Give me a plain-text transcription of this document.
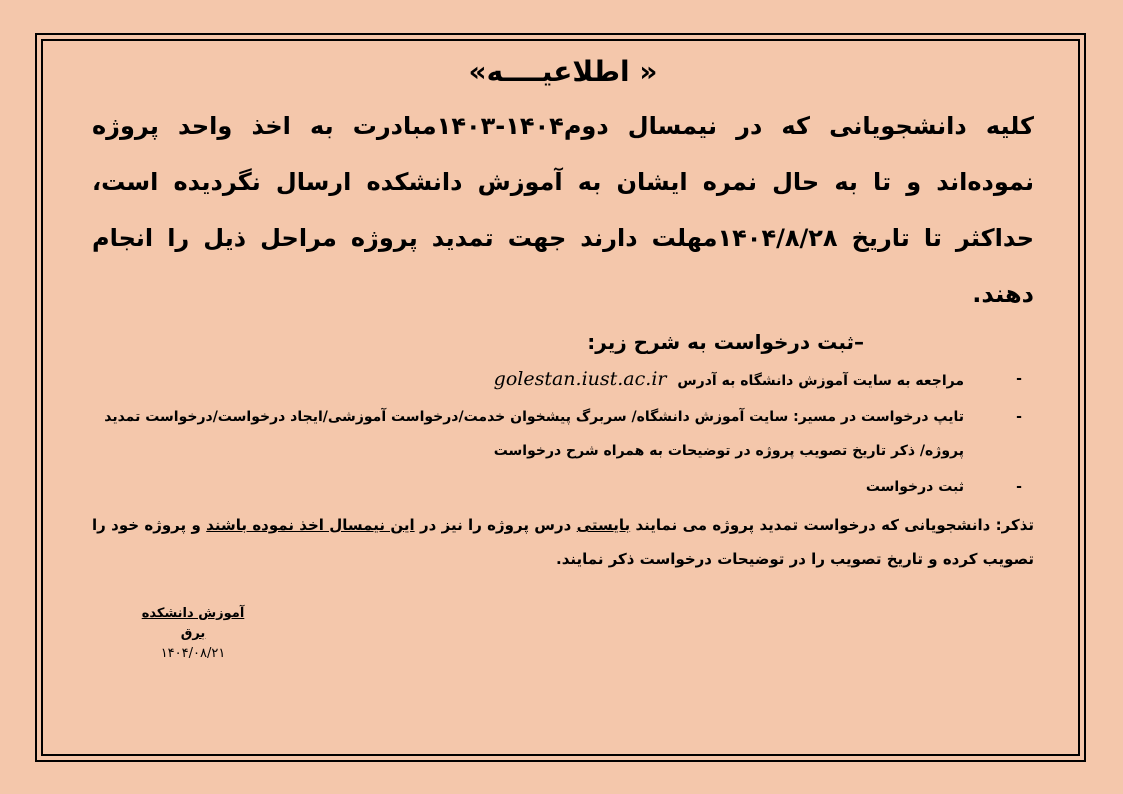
« اطلاعیــــه»
کلیه دانشجویانی که در نیمسال دوم۱۴۰۴-۱۴۰۳مبادرت به اخذ واحد پروژه نموده‌اند و تا به حال نمره ایشان به آموزش دانشکده ارسال نگردیده است، حداکثر تا تاریخ ۱۴۰۴/۸/۲۸مهلت دارند جهت تمدید پروژه مراحل ذیل را انجام دهند.
–ثبت درخواست به شرح زیر:
-
مراجعه به سایت آموزش دانشگاه به آدرس golestan.iust.ac.ir
-
تایپ درخواست در مسیر: سایت آموزش دانشگاه/ سربرگ پیشخوان خدمت/درخواست آموزشی/ایجاد درخواست/درخواست تمدید پروژه/ ذکر تاریخ تصویب پروژه در توضیحات به همراه شرح درخواست
-
ثبت درخواست
تذکر: دانشجویانی که درخواست تمدید پروژه می نمایند بایستی درس پروژه را نیز در این نیمسال اخذ نموده باشند و پروژه خود را تصویب کرده و تاریخ تصویب را در توضیحات درخواست ذکر نمایند.
آموزش دانشکده برق
۱۴۰۴/۰۸/۲۱
